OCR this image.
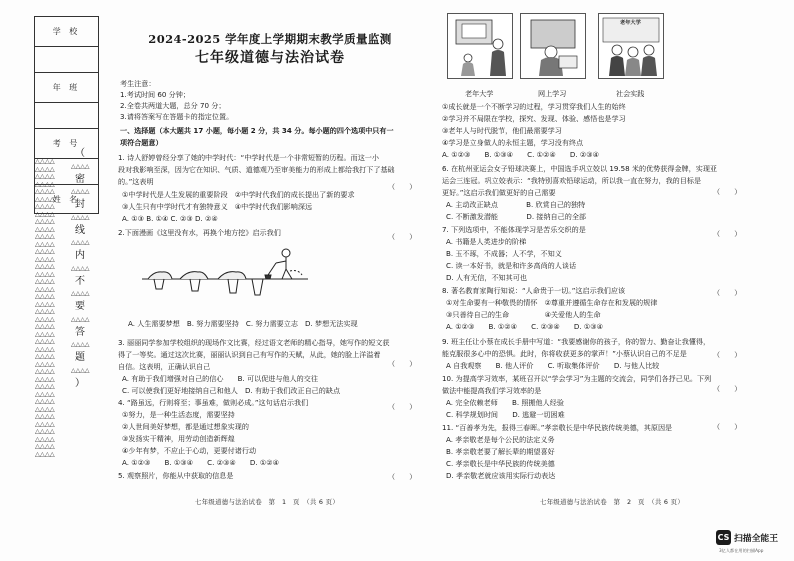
学 校
年 班
考 号
姓 名
△△△△
△△△△
△△△△
△△△△
△△△△
△△△△
△△△△
△△△△
△△△△
△△△△
△△△△
△△△△
△△△△
△△△△
△△△△
△△△△
△△△△
△△△△
△△△△
△△△△
△△△△
△△△△
△△△△
△△△△
△△△△
△△△△
△△△△
△△△△
△△△△
△△△△
△△△△
△△△△
△△△△
△△△△
△△△△
△△△△
△△△△
△△△△
△△△△
△△△△
（
△△△△
密
△△△△
封
△△△△
线
△△△△
内
△△△△
不
△△△△
要
△△△△
答
△△△△
题
△△△△
）
2024-2025 学年度上学期期末教学质量监测
七年级道德与法治试卷
考生注意：
1.考试时间 60 分钟；
2.全卷共两道大题，总分 70 分；
3.请将答案写在答题卡的指定位置。
一、选择题（本大题共 17 小题，每小题 2 分，共 34 分。每小题的四个选项中只有一
项符合题意）
1. 诗人舒婷曾经分享了她的中学时代：“中学时代是一个非常短暂的历程。而这一小
段对我影响至深，因为它在知识、气质、道德观乃至审美能力的形成上都给我打下了基础
的。”这表明
①中学时代是人生发展的重要阶段　②中学时代我们的成长提出了新的要求
③人生只有中学时代才有独特意义　④中学时代我们影响深远
A. ①③ B. ①④ C. ②③ D. ②④
2.下面漫画《这里没有水，再换个地方挖》启示我们
A. 人生需要梦想　B. 努力需要坚持　C. 努力需要立志　D. 梦想无法实现
3. 丽丽同学参加学校组织的现场作文比赛，经过语文老师的精心指导，她写作的短文获
得了一等奖。通过这次比赛，丽丽认识到自己有写作的天赋，从此，她的脸上洋溢着
自信。这表明，正确认识自己
A. 有助于我们增强对自己的信心　　B. 可以促进与他人的交往
C. 可以使我们更好地接纳自己和他人　D. 有助于我们改正自己的缺点
4. “路虽远，行则将至；事虽难，做则必成。”这句话启示我们
①努力，是一种生活态度，需要坚持
②人世间美好梦想，都是通过想象实现的
③发扬实干精神，用劳动创造新辉煌
④少年有梦，不应止于心动，更要付诸行动
A. ①②③　　B. ①③④　　C. ②③④　　D. ①②④
5. 观察照片，你能从中获取的信息是
（　　）
（　　）
（　　）
（　　）
（　　）
七年级道德与法治试卷　第　1　页　（共 6 页）
老年大学
老年大学	网上学习	社会实践
①成长就是一个不断学习的过程，学习贯穿我们人生的始终
②学习并不局限在学校，探究、发现、体验、感悟也是学习
③老年人与时代脱节，他们最需要学习
④学习是立身做人的永恒主题，学习没有终点
A. ①②③　　B. ①③④　　C. ①②④　　D. ②③④
6. 在杭州亚运会女子铅球决赛上，中国选手巩立姣以 19.58 米的优势获得金牌，实现亚
运会三连冠。巩立姣表示：“我特别喜欢铅球运动，所以我一直在努力，我的目标是
更好。”这启示我们做更好的自己需要
A. 主动改正缺点　　　　B. 欣赏自己的独特
C. 不断激发潜能　　　　D. 接纳自己的全部
7. 下列选项中，不能体现学习是苦乐交织的是
A. 书籍是人类进步的阶梯
B. 玉不琢，不成器；人不学，不知义
C. 读一本好书，就是和许多高尚的人谈话
D. 人有无信，不知其可也
8. 著名教育家陶行知说：“人命贵于一切。”这启示我们应该
①对生命要有一种敬畏的情怀　②尊重并遵循生命存在和发展的规律
③只善待自己的生命　　　　　④关爱他人的生命
A. ①②③　　B. ①②④　　C. ②③④　　D. ①③④
9. 班主任让小蔡在成长手册中写道：“我要感谢你的孩子，你的智力、勤奋让我懂得，
能克服很多心中的恐惧。此时，你将收获更多的掌声！”小蔡认识自己的不足是
A 自我观察　　B. 他人评价　　C. 听取集体评价　　D. 与他人比较
10. 为提高学习效率，某班召开以“学会学习”为主题的交流会，同学们各抒己见。下列
做法中能提高我们学习效率的是
A. 完全依赖老师　　B. 照搬他人经验
C. 科学规划时间　　D. 逃避一切困难
11. “百善孝为先，报得三春晖。”孝亲敬长是中华民族传统美德，其原因是
A. 孝亲敬老是每个公民的法定义务
B. 孝亲敬老要了解长辈的期望喜好
C. 孝亲敬长是中华民族的传统美德
D. 孝亲敬老就应该用实际行动表达
（　　）
（　　）
（　　）
（　　）
（　　）
（　　）
七年级道德与法治试卷　第　2　页　（共 6 页）
CS 扫描全能王
3亿人都在用的扫描App
